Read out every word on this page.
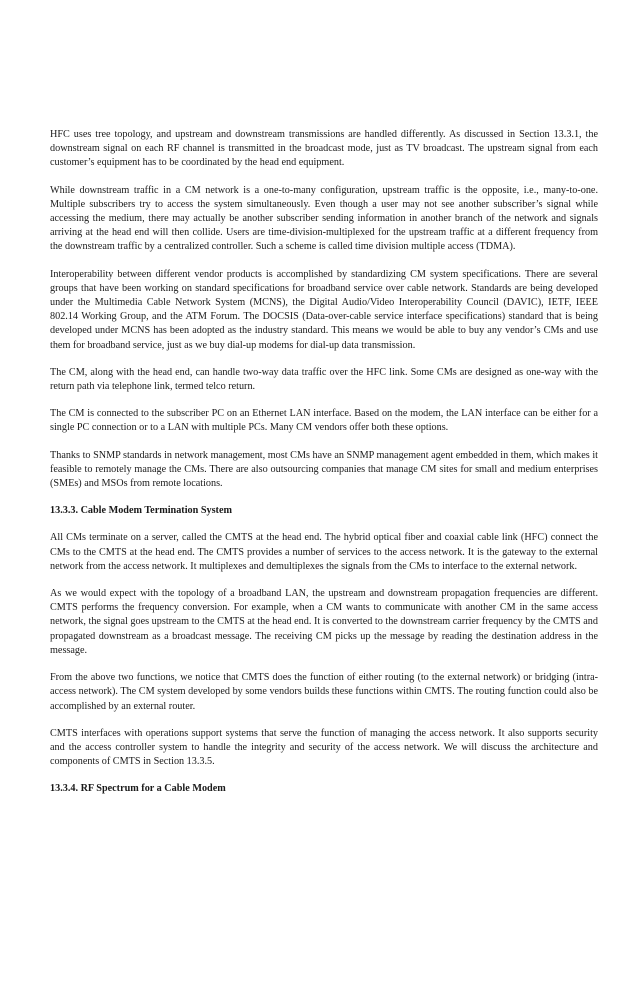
HFC uses tree topology, and upstream and downstream transmissions are handled differently. As discussed in Section 13.3.1, the downstream signal on each RF channel is transmitted in the broadcast mode, just as TV broadcast. The upstream signal from each customer’s equipment has to be coordinated by the head end equipment.

While downstream traffic in a CM network is a one-to-many configuration, upstream traffic is the opposite, i.e., many-to-one. Multiple subscribers try to access the system simultaneously. Even though a user may not see another subscriber’s signal while accessing the medium, there may actually be another subscriber sending information in another branch of the network and signals arriving at the head end will then collide. Users are time-division-multiplexed for the upstream traffic at a different frequency from the downstream traffic by a centralized controller. Such a scheme is called time division multiple access (TDMA).

Interoperability between different vendor products is accomplished by standardizing CM system specifications. There are several groups that have been working on standard specifications for broadband service over cable network. Standards are being developed under the Multimedia Cable Network System (MCNS), the Digital Audio/Video Interoperability Council (DAVIC), IETF, IEEE 802.14 Working Group, and the ATM Forum. The DOCSIS (Data-over-cable service interface specifications) standard that is being developed under MCNS has been adopted as the industry standard. This means we would be able to buy any vendor’s CMs and use them for broadband service, just as we buy dial-up modems for dial-up data transmission.

The CM, along with the head end, can handle two-way data traffic over the HFC link. Some CMs are designed as one-way with the return path via telephone link, termed telco return.

The CM is connected to the subscriber PC on an Ethernet LAN interface. Based on the modem, the LAN interface can be either for a single PC connection or to a LAN with multiple PCs. Many CM vendors offer both these options.

Thanks to SNMP standards in network management, most CMs have an SNMP management agent embedded in them, which makes it feasible to remotely manage the CMs. There are also outsourcing companies that manage CM sites for small and medium enterprises (SMEs) and MSOs from remote locations.

13.3.3. Cable Modem Termination System

All CMs terminate on a server, called the CMTS at the head end. The hybrid optical fiber and coaxial cable link (HFC) connect the CMs to the CMTS at the head end. The CMTS provides a number of services to the access network. It is the gateway to the external network from the access network. It multiplexes and demultiplexes the signals from the CMs to interface to the external network.

As we would expect with the topology of a broadband LAN, the upstream and downstream propagation frequencies are different. CMTS performs the frequency conversion. For example, when a CM wants to communicate with another CM in the same access network, the signal goes upstream to the CMTS at the head end. It is converted to the downstream carrier frequency by the CMTS and propagated downstream as a broadcast message. The receiving CM picks up the message by reading the destination address in the message.

From the above two functions, we notice that CMTS does the function of either routing (to the external network) or bridging (intra-access network). The CM system developed by some vendors builds these functions within CMTS. The routing function could also be accomplished by an external router.

CMTS interfaces with operations support systems that serve the function of managing the access network. It also supports security and the access controller system to handle the integrity and security of the access network. We will discuss the architecture and components of CMTS in Section 13.3.5.

13.3.4. RF Spectrum for a Cable Modem
